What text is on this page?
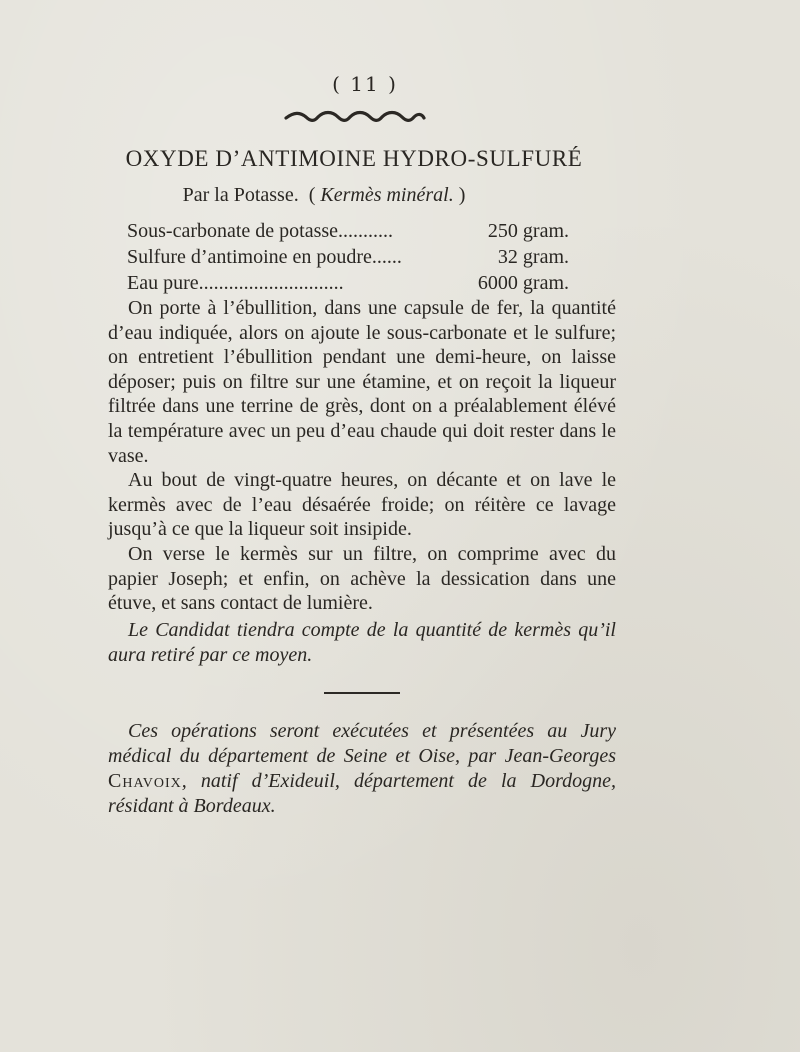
( 11 )
OXYDE D’ANTIMOINE HYDRO-SULFURÉ
Par la Potasse. ( Kermès minéral. )
Sous-carbonate de potasse...........	250 gram.
Sulfure d’antimoine en poudre......	32 gram.
Eau pure.............................	6000 gram.

On porte à l’ébullition, dans une capsule de fer, la quantité d’eau indiquée, alors on ajoute le sous-carbonate et le sulfure; on entretient l’ébullition pendant une demi-heure, on laisse déposer; puis on filtre sur une étamine, et on reçoit la liqueur filtrée dans une terrine de grès, dont on a préalablement élévé la température avec un peu d’eau chaude qui doit rester dans le vase.

Au bout de vingt-quatre heures, on décante et on lave le kermès avec de l’eau désaérée froide; on réitère ce lavage jusqu’à ce que la liqueur soit insipide.

On verse le kermès sur un filtre, on comprime avec du papier Joseph; et enfin, on achève la dessication dans une étuve, et sans contact de lumière.

Le Candidat tiendra compte de la quantité de kermès qu’il aura retiré par ce moyen.

Ces opérations seront exécutées et présentées au Jury médical du département de Seine et Oise, par Jean-Georges Chavoix, natif d’Exideuil, département de la Dordogne, résidant à Bordeaux.
